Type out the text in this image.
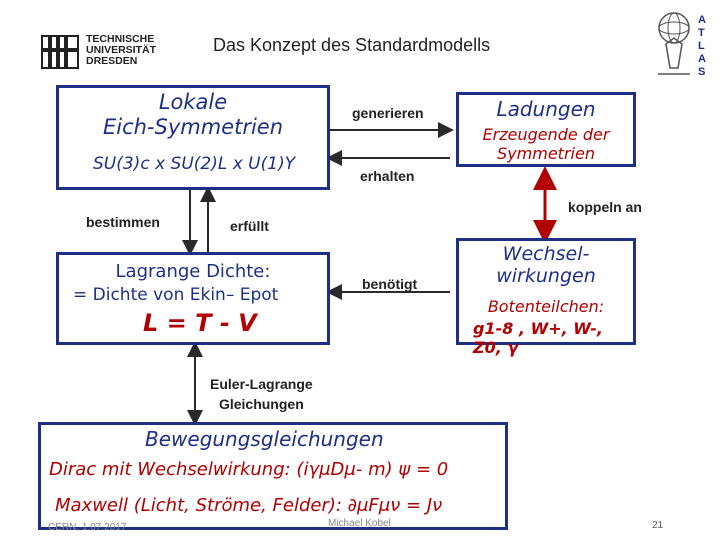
TECHNISCHE
UNIVERSITÄT
DRESDEN
Das Konzept des Standardmodells
A
T
L
A
S
Lokale
Eich-Symmetrien
SU(3)c x SU(2)L x U(1)Y
Ladungen
Erzeugende der Symmetrien
Lagrange Dichte:
= Dichte von Ekin– Epot
L = T - V
Wechsel-wirkungen
Botenteilchen:
g1-8 , W+, W-, Z0, γ
Bewegungsgleichungen
Dirac mit Wechselwirkung: (iγμDμ- m) ψ = 0
Maxwell (Licht, Ströme, Felder): ∂μFμν = Jν
generieren
erhalten
koppeln an
bestimmen	erfüllt
benötigt
Euler-Lagrange
Gleichungen
CERN, 1.07.2017	Michael Kobel	21
